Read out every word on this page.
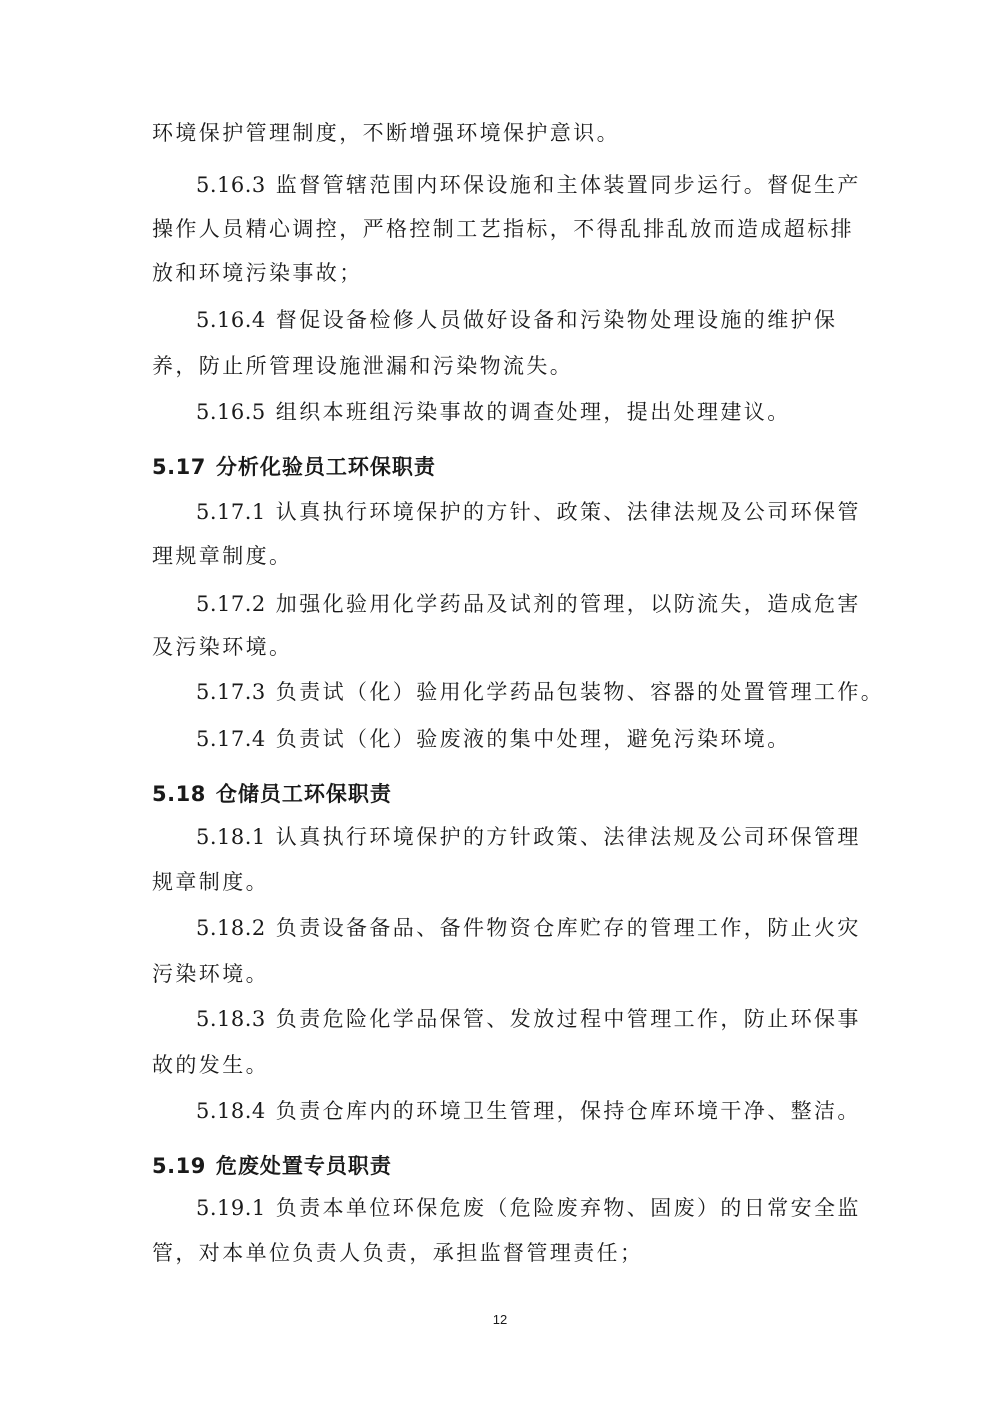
环境保护管理制度，不断增强环境保护意识。
5.16.3 监督管辖范围内环保设施和主体装置同步运行。督促生产
操作人员精心调控，严格控制工艺指标，不得乱排乱放而造成超标排
放和环境污染事故；
5.16.4 督促设备检修人员做好设备和污染物处理设施的维护保
养，防止所管理设施泄漏和污染物流失。
5.16.5 组织本班组污染事故的调查处理，提出处理建议。
5.17 分析化验员工环保职责
5.17.1 认真执行环境保护的方针、政策、法律法规及公司环保管
理规章制度。
5.17.2 加强化验用化学药品及试剂的管理，以防流失，造成危害
及污染环境。
5.17.3 负责试（化）验用化学药品包装物、容器的处置管理工作。
5.17.4 负责试（化）验废液的集中处理，避免污染环境。
5.18 仓储员工环保职责
5.18.1 认真执行环境保护的方针政策、法律法规及公司环保管理
规章制度。
5.18.2 负责设备备品、备件物资仓库贮存的管理工作，防止火灾
污染环境。
5.18.3 负责危险化学品保管、发放过程中管理工作，防止环保事
故的发生。
5.18.4 负责仓库内的环境卫生管理，保持仓库环境干净、整洁。
5.19 危废处置专员职责
5.19.1 负责本单位环保危废（危险废弃物、固废）的日常安全监
管，对本单位负责人负责，承担监督管理责任；
12
